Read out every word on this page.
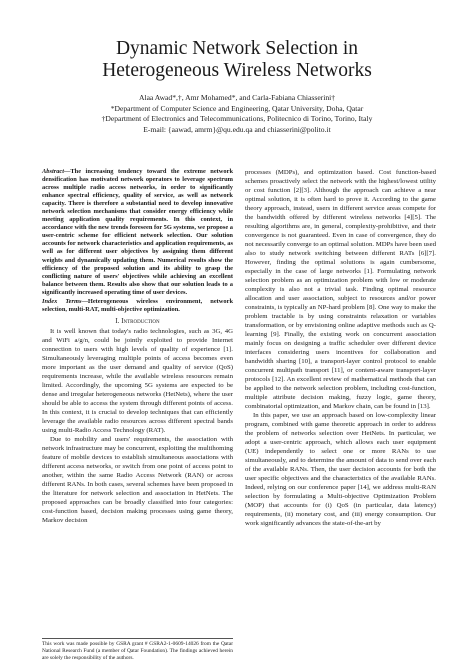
Dynamic Network Selection in
Heterogeneous Wireless Networks
Alaa Awad*,†, Amr Mohamed*, and Carla-Fabiana Chiasserini†
*Department of Computer Science and Engineering, Qatar University, Doha, Qatar
†Department of Electronics and Telecommunications, Politecnico di Torino, Torino, Italy
E-mail: {aawad, amrm}@qu.edu.qa and chiasserini@polito.it
Abstract—The increasing tendency toward the extreme network densification has motivated network operators to leverage spectrum across multiple radio access networks, in order to significantly enhance spectral efficiency, quality of service, as well as network capacity. There is therefore a substantial need to develop innovative network selection mechanisms that consider energy efficiency while meeting application quality requirements. In this context, in accordance with the new trends foreseen for 5G systems, we propose a user-centric scheme for efficient network selection. Our solution accounts for network characteristics and application requirements, as well as for different user objectives by assigning them different weights and dynamically updating them. Numerical results show the efficiency of the proposed solution and its ability to grasp the conflicting nature of users' objectives while achieving an excellent balance between them. Results also show that our solution leads to a significantly increased operating time of user devices.
Index Terms—Heterogeneous wireless environment, network selection, multi-RAT, multi-objective optimization.
I. Introduction

It is well known that today's radio technologies, such as 3G, 4G and WiFi a/g/n, could be jointly exploited to provide Internet connection to users with high levels of quality of experience [1]. Simultaneously leveraging multiple points of access becomes even more important as the user demand and quality of service (QoS) requirements increase, while the available wireless resources remain limited. Accordingly, the upcoming 5G systems are expected to be dense and irregular heterogeneous networks (HetNets), where the user should be able to access the system through different points of access. In this context, it is crucial to develop techniques that can efficiently leverage the available radio resources across different spectral bands using multi-Radio Access Technology (RAT).

Due to mobility and users' requirements, the association with network infrastructure may be concurrent, exploiting the multihoming feature of mobile devices to establish simultaneous associations with different access networks, or switch from one point of access point to another, within the same Radio Access Network (RAN) or across different RANs. In both cases, several schemes have been proposed in the literature for network selection and association in HetNets. The proposed approaches can be broadly classified into four categories: cost-function based, decision making processes using game theory, Markov decision

processes (MDPs), and optimization based. Cost function-based schemes proactively select the network with the highest/lowest utility or cost function [2][3]. Although the approach can achieve a near optimal solution, it is often hard to prove it. According to the game theory approach, instead, users in different service areas compete for the bandwidth offered by different wireless networks [4][5]. The resulting algorithms are, in general, complexity-prohibitive, and their convergence is not guaranteed. Even in case of convergence, they do not necessarily converge to an optimal solution. MDPs have been used also to study network switching between different RATs [6][7]. However, finding the optimal solutions is again cumbersome, especially in the case of large networks [1]. Formulating network selection problem as an optimization problem with low or moderate complexity is also not a trivial task. Finding optimal resource allocation and user association, subject to resources and/or power constraints, is typically an NP-hard problem [8]. One way to make the problem tractable is by using constraints relaxation or variables transformation, or by envisioning online adaptive methods such as Q-learning [9]. Finally, the existing work on concurrent association mainly focus on designing a traffic scheduler over different device interfaces considering users incentives for collaboration and bandwidth sharing [10], a transport-layer control protocol to enable concurrent multipath transport [11], or content-aware transport-layer protocols [12]. An excellent review of mathematical methods that can be applied to the network selection problem, including cost-function, multiple attribute decision making, fuzzy logic, game theory, combinatorial optimization, and Markov chain, can be found in [13].

In this paper, we use an approach based on low-complexity linear program, combined with game theoretic approach in order to address the problem of networks selection over HetNets. In particular, we adopt a user-centric approach, which allows each user equipment (UE) independently to select one or more RANs to use simultaneously, and to determine the amount of data to send over each of the available RANs. Then, the user decision accounts for both the user specific objectives and the characteristics of the available RANs. Indeed, relying on our conference paper [14], we address multi-RAN selection by formulating a Multi-objective Optimization Problem (MOP) that accounts for (i) QoS (in particular, data latency) requirements, (ii) monetary cost, and (iii) energy consumption. Our work significantly advances the state-of-the-art by

This work was made possible by GSRA grant # GSRA2-1-0609-14026 from the Qatar National Research Fund (a member of Qatar Foundation). The findings achieved herein are solely the responsibility of the authors.
